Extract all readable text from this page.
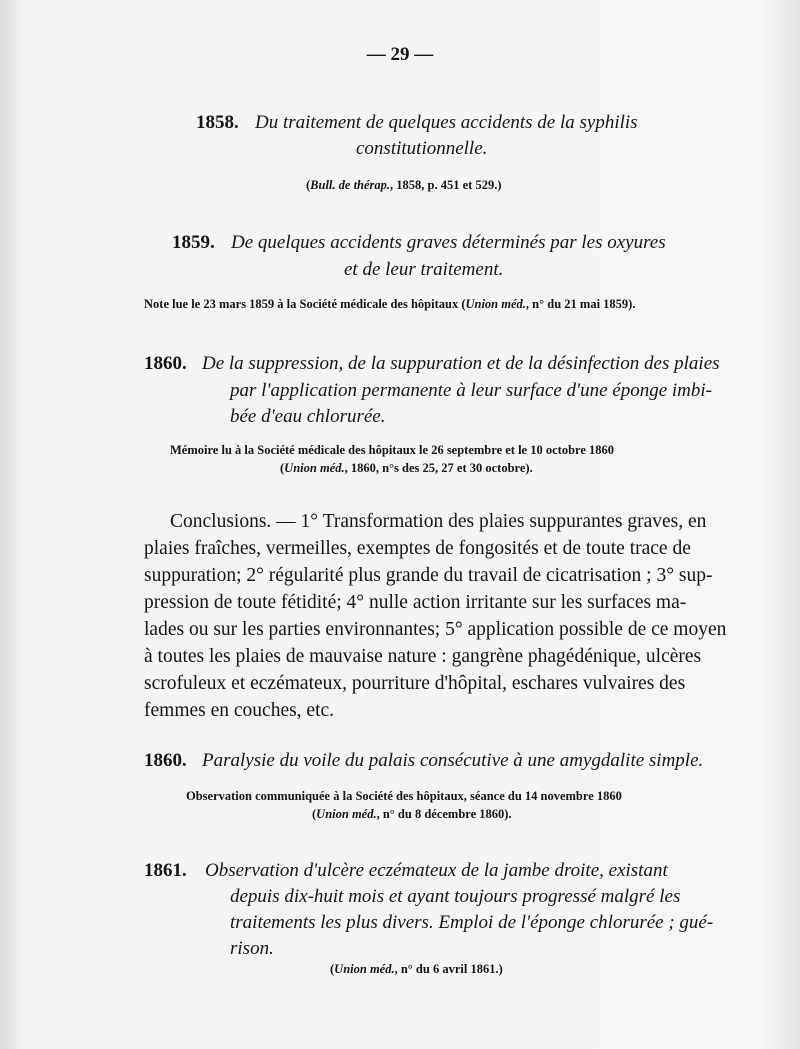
— 29 —
1858. Du traitement de quelques accidents de la syphilis
constitutionnelle.
(Bull. de thérap., 1858, p. 451 et 529.)
1859. De quelques accidents graves déterminés par les oxyures
et de leur traitement.
Note lue le 23 mars 1859 à la Société médicale des hôpitaux (Union méd., n° du 21 mai 1859).
1860. De la suppression, de la suppuration et de la désinfection des plaies
par l'application permanente à leur surface d'une éponge imbi-
bée d'eau chlorurée.
Mémoire lu à la Société médicale des hôpitaux le 26 septembre et le 10 octobre 1860
(Union méd., 1860, n°s des 25, 27 et 30 octobre).
Conclusions. — 1° Transformation des plaies suppurantes graves, en
plaies fraîches, vermeilles, exemptes de fongosités et de toute trace de
suppuration; 2° régularité plus grande du travail de cicatrisation ; 3° sup-
pression de toute fétidité; 4° nulle action irritante sur les surfaces ma-
lades ou sur les parties environnantes; 5° application possible de ce moyen
à toutes les plaies de mauvaise nature : gangrène phagédénique, ulcères
scrofuleux et eczémateux, pourriture d'hôpital, eschares vulvaires des
femmes en couches, etc.
1860. Paralysie du voile du palais consécutive à une amygdalite simple.
Observation communiquée à la Société des hôpitaux, séance du 14 novembre 1860
(Union méd., n° du 8 décembre 1860).
1861. Observation d'ulcère eczémateux de la jambe droite, existant
depuis dix-huit mois et ayant toujours progressé malgré les
traitements les plus divers. Emploi de l'éponge chlorurée ; gué-
rison.
(Union méd., n° du 6 avril 1861.)
